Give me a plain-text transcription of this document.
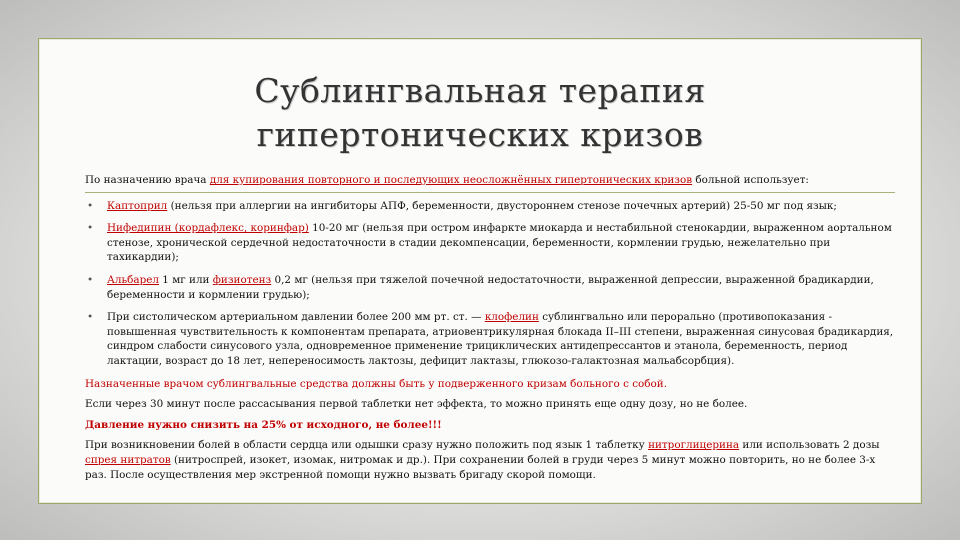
Сублингвальная терапия
гипертонических кризов
По назначению врача для купирования повторного и последующих неосложнённых гипертонических кризов больной использует:
• Каптоприл (нельзя при аллергии на ингибиторы АПФ, беременности, двустороннем стенозе почечных артерий) 25-50 мг под язык;
• Нифедипин (кордафлекс, коринфар) 10-20 мг (нельзя при остром инфаркте миокарда и нестабильной стенокардии, выраженном аортальном стенозе, хронической сердечной недостаточности в стадии декомпенсации, беременности, кормлении грудью, нежелательно при тахикардии);
• Альбарел 1 мг или физиотенз 0,2 мг (нельзя при тяжелой почечной недостаточности, выраженной депрессии, выраженной брадикардии, беременности и кормлении грудью);
• При систолическом артериальном давлении более 200 мм рт. ст. — клофелин сублингвально или перорально (противопоказания - повышенная чувствительность к компонентам препарата, атриовентрикулярная блокада II–III степени, выраженная синусовая брадикардия, синдром слабости синусового узла, одновременное применение трициклических антидепрессантов и этанола, беременность, период лактации, возраст до 18 лет, непереносимость лактозы, дефицит лактазы, глюкозо-галактозная мальабсорбция).

Назначенные врачом сублингвальные средства должны быть у подверженного кризам больного с собой.

Если через 30 минут после рассасывания первой таблетки нет эффекта, то можно принять еще одну дозу, но не более.

Давление нужно снизить на 25% от исходного, не более!!!

При возникновении болей в области сердца или одышки сразу нужно положить под язык 1 таблетку нитроглицерина или использовать 2 дозы спрея нитратов (нитроспрей, изокет, изомак, нитромак и др.). При сохранении болей в груди через 5 минут можно повторить, но не более 3-х раз. После осуществления мер экстренной помощи нужно вызвать бригаду скорой помощи.
